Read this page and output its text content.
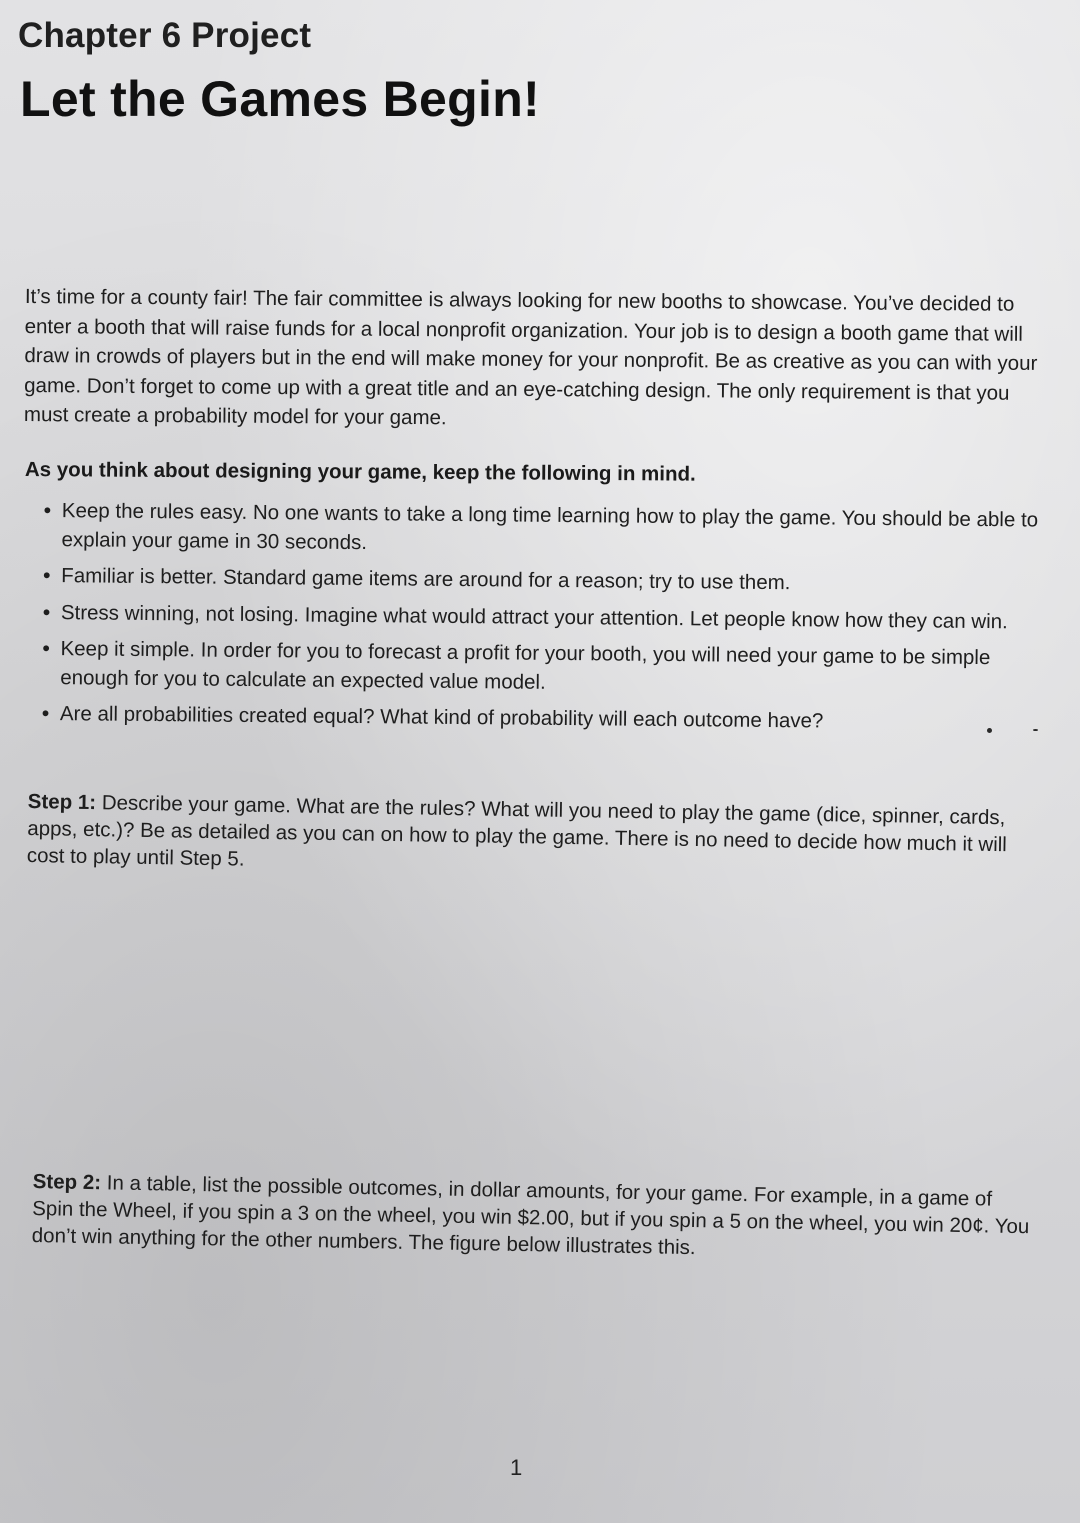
Chapter 6 Project
Let the Games Begin!
It’s time for a county fair! The fair committee is always looking for new booths to showcase. You’ve decided to enter a booth that will raise funds for a local nonprofit organization. Your job is to design a booth game that will draw in crowds of players but in the end will make money for your nonprofit. Be as creative as you can with your game. Don’t forget to come up with a great title and an eye-catching design. The only requirement is that you must create a probability model for your game.
As you think about designing your game, keep the following in mind.
• Keep the rules easy. No one wants to take a long time learning how to play the game. You should be able to explain your game in 30 seconds.
• Familiar is better. Standard game items are around for a reason; try to use them.
• Stress winning, not losing. Imagine what would attract your attention. Let people know how they can win.
• Keep it simple. In order for you to forecast a profit for your booth, you will need your game to be simple enough for you to calculate an expected value model.
• Are all probabilities created equal? What kind of probability will each outcome have?
Step 1: Describe your game. What are the rules? What will you need to play the game (dice, spinner, cards, apps, etc.)? Be as detailed as you can on how to play the game. There is no need to decide how much it will cost to play until Step 5.
Step 2: In a table, list the possible outcomes, in dollar amounts, for your game. For example, in a game of Spin the Wheel, if you spin a 3 on the wheel, you win $2.00, but if you spin a 5 on the wheel, you win 20¢. You don’t win anything for the other numbers. The figure below illustrates this.
1
